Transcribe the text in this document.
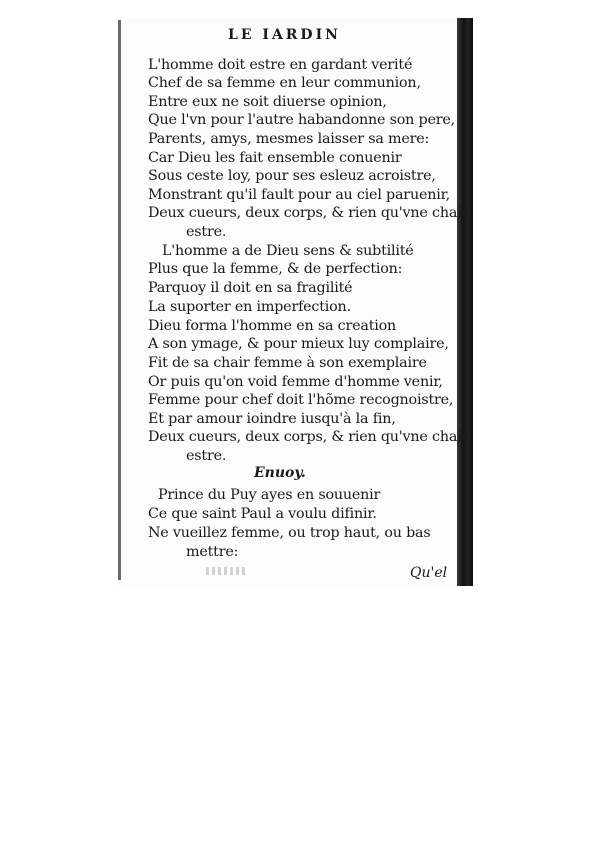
LE IARDIN
L'homme doit estre en gardant verité
Chef de sa femme en leur communion,
Entre eux ne soit diuerse opinion,
Que l'vn pour l'autre habandonne son pere,
Parents, amys, mesmes laisser sa mere:
Car Dieu les fait ensemble conuenir
Sous ceste loy, pour ses esleuz acroistre,
Monstrant qu'il fault pour au ciel paruenir,
Deux cueurs, deux corps, & rien qu'vne chair
estre.
L'homme a de Dieu sens & subtilité
Plus que la femme, & de perfection:
Parquoy il doit en sa fragilité
La suporter en imperfection.
Dieu forma l'homme en sa creation
A son ymage, & pour mieux luy complaire,
Fit de sa chair femme à son exemplaire
Or puis qu'on void femme d'homme venir,
Femme pour chef doit l'hõme recognoistre,
Et par amour ioindre iusqu'à la fin,
Deux cueurs, deux corps, & rien qu'vne chair
estre.
Enuoy.
Prince du Puy ayes en souuenir
Ce que saint Paul a voulu difinir.
Ne vueillez femme, ou trop haut, ou bas
mettre:
Qu'el
